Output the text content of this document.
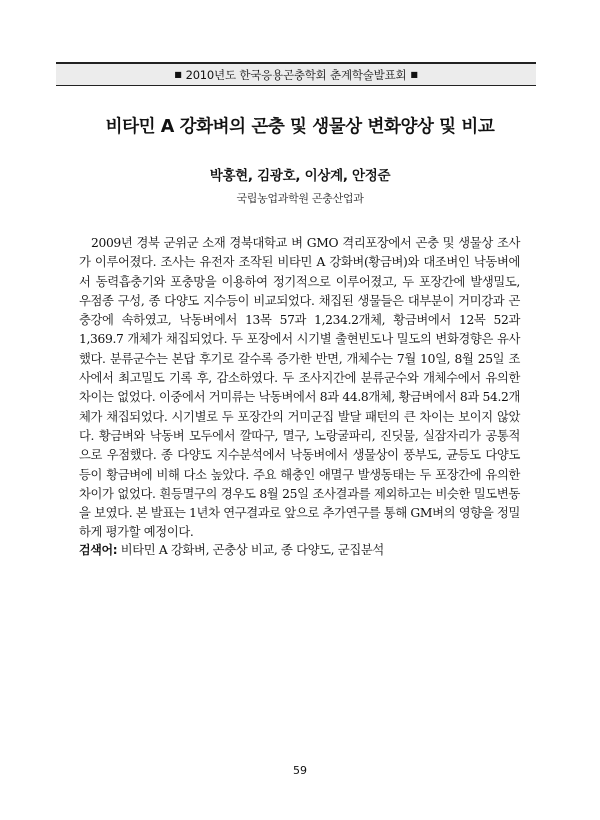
■ 2010년도 한국응용곤충학회 춘계학술발표회 ■
비타민 A 강화벼의 곤충 및 생물상 변화양상 및 비교
박홍현, 김광호, 이상계, 안정준
국립농업과학원 곤충산업과

2009년 경북 군위군 소재 경북대학교 벼 GMO 격리포장에서 곤충 및 생물상 조사가 이루어졌다. 조사는 유전자 조작된 비타민 A 강화벼(황금벼)와 대조벼인 낙동벼에서 동력흡충기와 포충망을 이용하여 정기적으로 이루어졌고, 두 포장간에 발생밀도, 우점종 구성, 종 다양도 지수등이 비교되었다. 채집된 생물들은 대부분이 거미강과 곤충강에 속하였고, 낙동벼에서 13목 57과 1,234.2개체, 황금벼에서 12목 52과 1,369.7 개체가 채집되었다. 두 포장에서 시기별 출현빈도나 밀도의 변화경향은 유사했다. 분류군수는 본답 후기로 갈수록 증가한 반면, 개체수는 7월 10일, 8월 25일 조사에서 최고밀도 기록 후, 감소하였다. 두 조사지간에 분류군수와 개체수에서 유의한 차이는 없었다. 이중에서 거미류는 낙동벼에서 8과 44.8개체, 황금벼에서 8과 54.2개체가 채집되었다. 시기별로 두 포장간의 거미군집 발달 패턴의 큰 차이는 보이지 않았다. 황금벼와 낙동벼 모두에서 깔따구, 멸구, 노랑굴파리, 진딧물, 실잠자리가 공통적으로 우점했다. 종 다양도 지수분석에서 낙동벼에서 생물상이 풍부도, 균등도 다양도등이 황금벼에 비해 다소 높았다. 주요 해충인 애멸구 발생동태는 두 포장간에 유의한 차이가 없었다. 흰등멸구의 경우도 8월 25일 조사결과를 제외하고는 비슷한 밀도변동을 보였다. 본 발표는 1년차 연구결과로 앞으로 추가연구를 통해 GM벼의 영향을 정밀하게 평가할 예정이다.

검색어: 비타민 A 강화벼, 곤충상 비교, 종 다양도, 군집분석
59
